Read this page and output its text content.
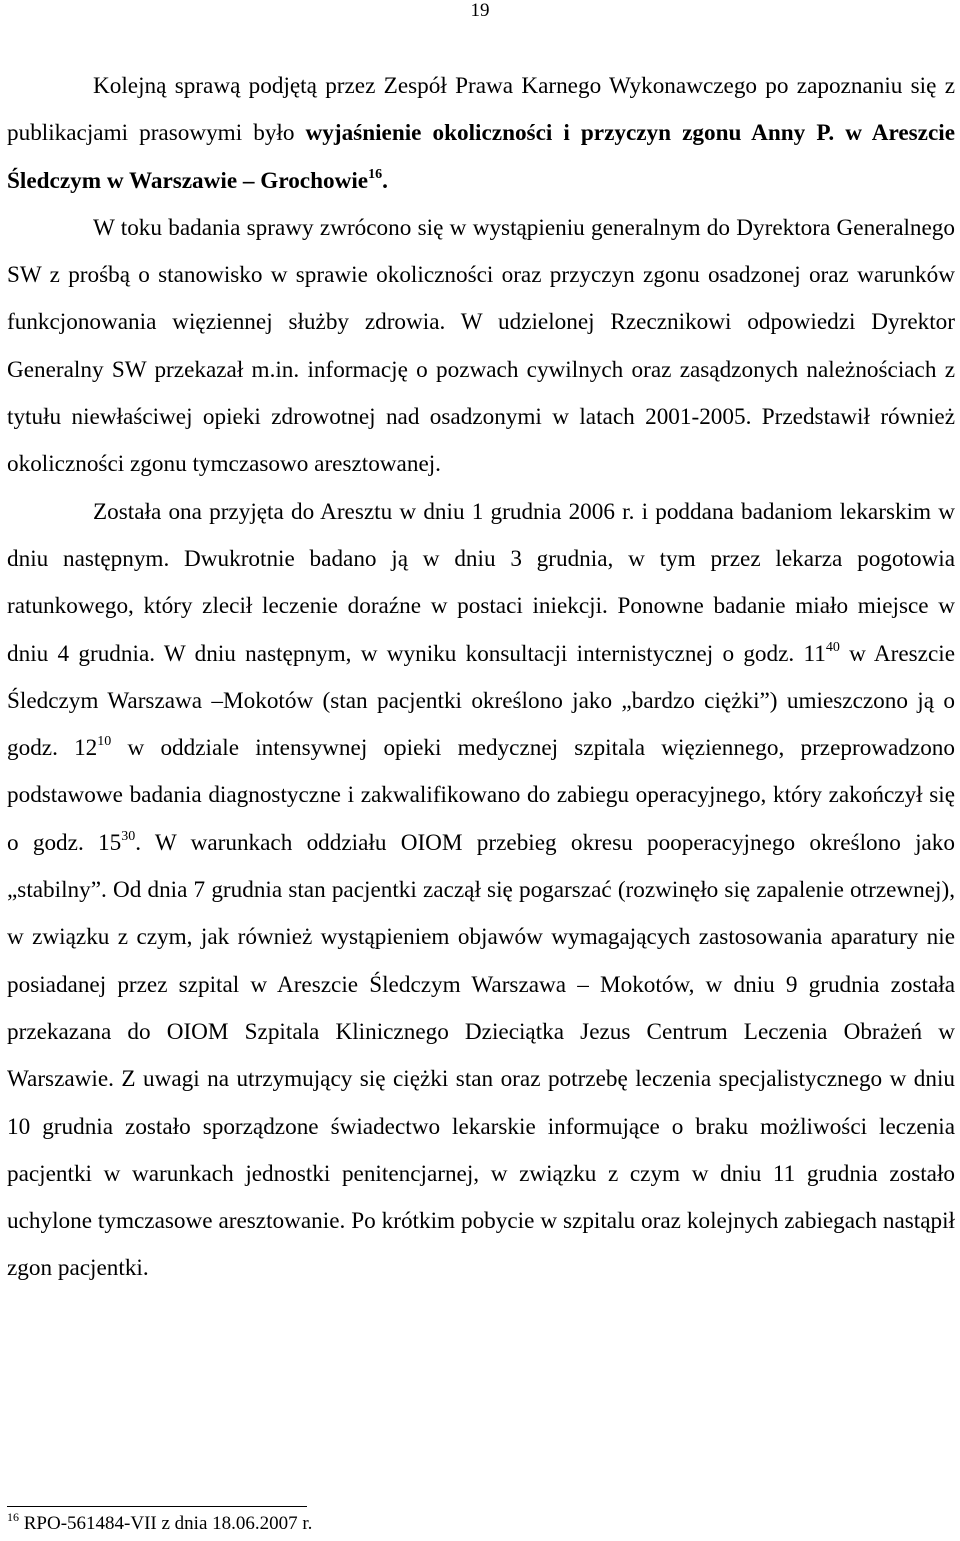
19

Kolejną sprawą podjętą przez Zespół Prawa Karnego Wykonawczego po zapoznaniu się z publikacjami prasowymi było wyjaśnienie okoliczności i przyczyn zgonu Anny P. w Areszcie Śledczym w Warszawie – Grochowie$^{16}$.

W toku badania sprawy zwrócono się w wystąpieniu generalnym do Dyrektora Generalnego SW z prośbą o stanowisko w sprawie okoliczności oraz przyczyn zgonu osadzonej oraz warunków funkcjonowania więziennej służby zdrowia. W udzielonej Rzecznikowi odpowiedzi Dyrektor Generalny SW przekazał m.in. informację o pozwach cywilnych oraz zasądzonych należnościach z tytułu niewłaściwej opieki zdrowotnej nad osadzonymi w latach 2001-2005. Przedstawił również okoliczności zgonu tymczasowo aresztowanej.

Została ona przyjęta do Aresztu w dniu 1 grudnia 2006 r. i poddana badaniom lekarskim w dniu następnym. Dwukrotnie badano ją w dniu 3 grudnia, w tym przez lekarza pogotowia ratunkowego, który zlecił leczenie doraźne w postaci iniekcji. Ponowne badanie miało miejsce w dniu 4 grudnia. W dniu następnym, w wyniku konsultacji internistycznej o godz. $11^{40}$ w Areszcie Śledczym Warszawa –Mokotów (stan pacjentki określono jako „bardzo ciężki”) umieszczono ją o godz. $12^{10}$ w oddziale intensywnej opieki medycznej szpitala więziennego, przeprowadzono podstawowe badania diagnostyczne i zakwalifikowano do zabiegu operacyjnego, który zakończył się o godz. $15^{30}$. W warunkach oddziału OIOM przebieg okresu pooperacyjnego określono jako „stabilny”. Od dnia 7 grudnia stan pacjentki zaczął się pogarszać (rozwinęło się zapalenie otrzewnej), w związku z czym, jak również wystąpieniem objawów wymagających zastosowania aparatury nie posiadanej przez szpital w Areszcie Śledczym Warszawa – Mokotów, w dniu 9 grudnia została przekazana do OIOM Szpitala Klinicznego Dzieciątka Jezus Centrum Leczenia Obrażeń w Warszawie. Z uwagi na utrzymujący się ciężki stan oraz potrzebę leczenia specjalistycznego w dniu 10 grudnia zostało sporządzone świadectwo lekarskie informujące o braku możliwości leczenia pacjentki w warunkach jednostki penitencjarnej, w związku z czym w dniu 11 grudnia zostało uchylone tymczasowe aresztowanie. Po krótkim pobycie w szpitalu oraz kolejnych zabiegach nastąpił zgon pacjentki.

$^{16}$ RPO-561484-VII z dnia 18.06.2007 r.
